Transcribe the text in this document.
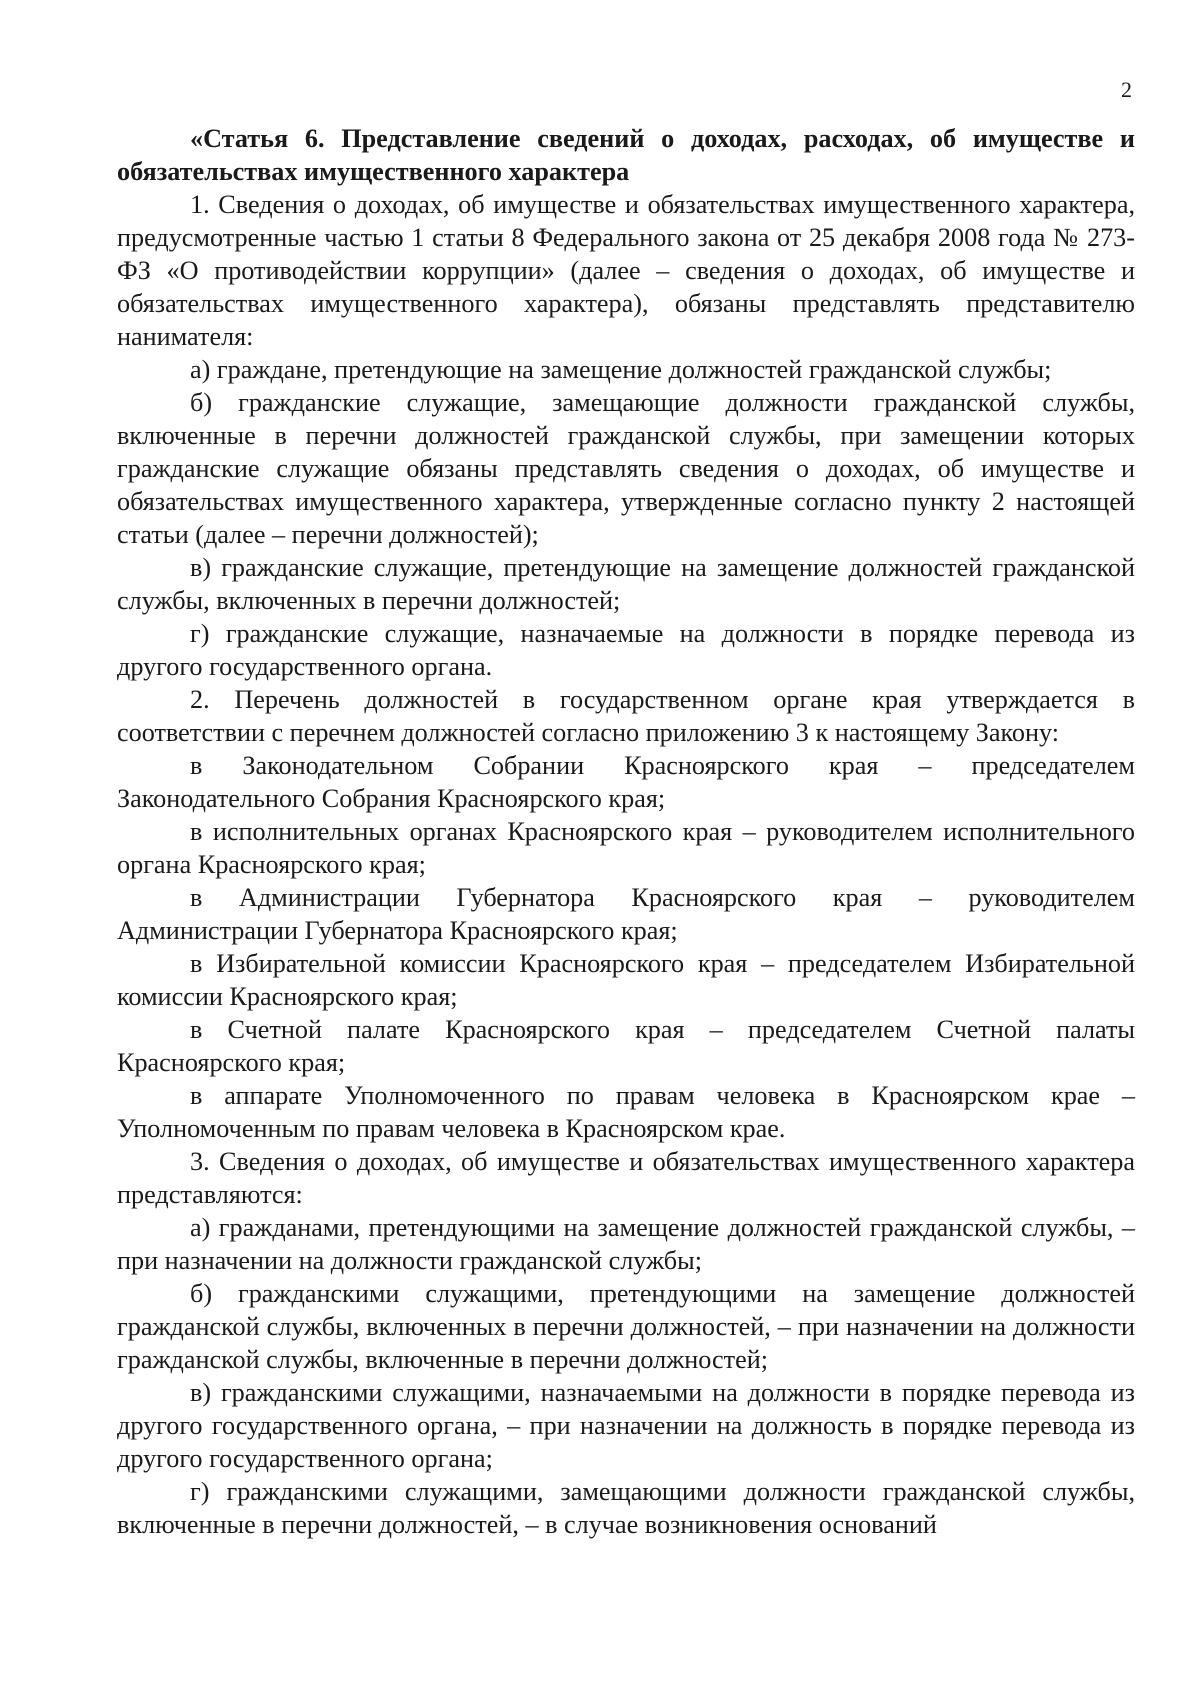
2

«Статья 6. Представление сведений о доходах, расходах, об имуществе и обязательствах имущественного характера

1. Сведения о доходах, об имуществе и обязательствах имущественного характера, предусмотренные частью 1 статьи 8 Федерального закона от 25 декабря 2008 года № 273-ФЗ «О противодействии коррупции» (далее – сведения о доходах, об имуществе и обязательствах имущественного характера), обязаны представлять представителю нанимателя:

а) граждане, претендующие на замещение должностей гражданской службы;

б) гражданские служащие, замещающие должности гражданской службы, включенные в перечни должностей гражданской службы, при замещении которых гражданские служащие обязаны представлять сведения о доходах, об имуществе и обязательствах имущественного характера, утвержденные согласно пункту 2 настоящей статьи (далее – перечни должностей);

в) гражданские служащие, претендующие на замещение должностей гражданской службы, включенных в перечни должностей;

г) гражданские служащие, назначаемые на должности в порядке перевода из другого государственного органа.

2. Перечень должностей в государственном органе края утверждается в соответствии с перечнем должностей согласно приложению 3 к настоящему Закону:

в Законодательном Собрании Красноярского края – председателем Законодательного Собрания Красноярского края;

в исполнительных органах Красноярского края – руководителем исполнительного органа Красноярского края;

в Администрации Губернатора Красноярского края – руководителем Администрации Губернатора Красноярского края;

в Избирательной комиссии Красноярского края – председателем Избирательной комиссии Красноярского края;

в Счетной палате Красноярского края – председателем Счетной палаты Красноярского края;

в аппарате Уполномоченного по правам человека в Красноярском крае – Уполномоченным по правам человека в Красноярском крае.

3. Сведения о доходах, об имуществе и обязательствах имущественного характера представляются:

а) гражданами, претендующими на замещение должностей гражданской службы, – при назначении на должности гражданской службы;

б) гражданскими служащими, претендующими на замещение должностей гражданской службы, включенных в перечни должностей, – при назначении на должности гражданской службы, включенные в перечни должностей;

в) гражданскими служащими, назначаемыми на должности в порядке перевода из другого государственного органа, – при назначении на должность в порядке перевода из другого государственного органа;

г) гражданскими служащими, замещающими должности гражданской службы, включенные в перечни должностей, – в случае возникновения оснований
